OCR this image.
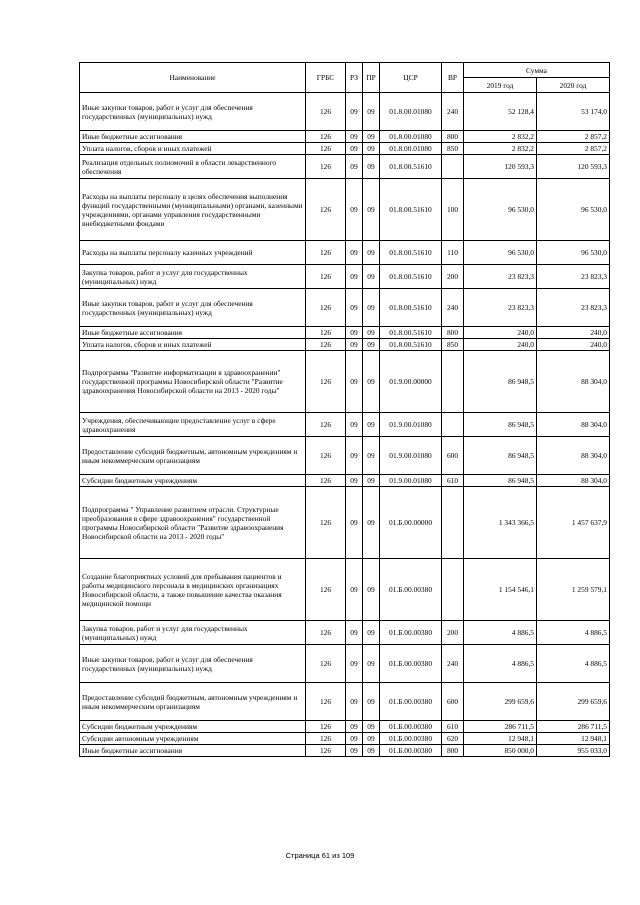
Наименование	ГРБС	РЗ	ПР	ЦСР	ВР	Сумма	
						2019 год	2020 год
Иные закупки товаров, работ и услуг для обеспечения государственных (муниципальных) нужд	126	09	09	01.8.00.01080	240	52 128,4	53 174,0
Иные бюджетные ассигнования	126	09	09	01.8.00.01080	800	2 832,2	2 857,2
Уплата налогов, сборов и иных платежей	126	09	09	01.8.00.01080	850	2 832,2	2 857,2
Реализация отдельных полномочий в области лекарственного обеспечения	126	09	09	01.8.00.51610		120 593,3	120 593,3
Расходы на выплаты персоналу в целях обеспечения выполнения функций государственными (муниципальными) органами, казенными учреждениями, органами управления государственными внебюджетными фондами	126	09	09	01.8.00.51610	100	96 530,0	96 530,0
Расходы на выплаты персоналу казенных учреждений	126	09	09	01.8.00.51610	110	96 530,0	96 530,0
Закупка товаров, работ и услуг для государственных (муниципальных) нужд	126	09	09	01.8.00.51610	200	23 823,3	23 823,3
Иные закупки товаров, работ и услуг для обеспечения государственных (муниципальных) нужд	126	09	09	01.8.00.51610	240	23 823,3	23 823,3
Иные бюджетные ассигнования	126	09	09	01.8.00.51610	800	240,0	240,0
Уплата налогов, сборов и иных платежей	126	09	09	01.8.00.51610	850	240,0	240,0
Подпрограмма "Развитие информатизации в здравоохранении" государственной программы Новосибирской области "Развитие здравоохранения Новосибирской области на 2013 - 2020 годы"	126	09	09	01.9.00.00000		86 948,5	88 304,0
Учреждения, обеспечивающие предоставление услуг в сфере здравоохранения	126	09	09	01.9.00.01080		86 948,5	88 304,0
Предоставление субсидий бюджетным, автономным учреждениям и иным некоммерческим организациям	126	09	09	01.9.00.01080	600	86 948,5	88 304,0
Субсидии бюджетным учреждениям	126	09	09	01.9.00.01080	610	86 948,5	88 304,0
Подпрограмма " Управление развитием отрасли. Структурные преобразования в сфере здравоохранения" государственной программы Новосибирской области "Развитие здравоохранения Новосибирской области на 2013 - 2020 годы"	126	09	09	01.Б.00.00000		1 343 366,5	1 457 637,9
Создание благоприятных условий для пребывания пациентов и работы медицинского персонала в медицинских организациях Новосибирской области, а также повышение качества оказания медицинской помощи	126	09	09	01.Б.00.00380		1 154 546,1	1 259 579,1
Закупка товаров, работ и услуг для государственных (муниципальных) нужд	126	09	09	01.Б.00.00380	200	4 886,5	4 886,5
Иные закупки товаров, работ и услуг для обеспечения государственных (муниципальных) нужд	126	09	09	01.Б.00.00380	240	4 886,5	4 886,5
Предоставление субсидий бюджетным, автономным учреждениям и иным некоммерческим организациям	126	09	09	01.Б.00.00380	600	299 659,6	299 659,6
Субсидии бюджетным учреждениям	126	09	09	01.Б.00.00380	610	286 711,5	286 711,5
Субсидии автономным учреждениям	126	09	09	01.Б.00.00380	620	12 948,1	12 948,1
Иные бюджетные ассигнования	126	09	09	01.Б.00.00380	800	850 000,0	955 033,0
Страница 61 из 109
